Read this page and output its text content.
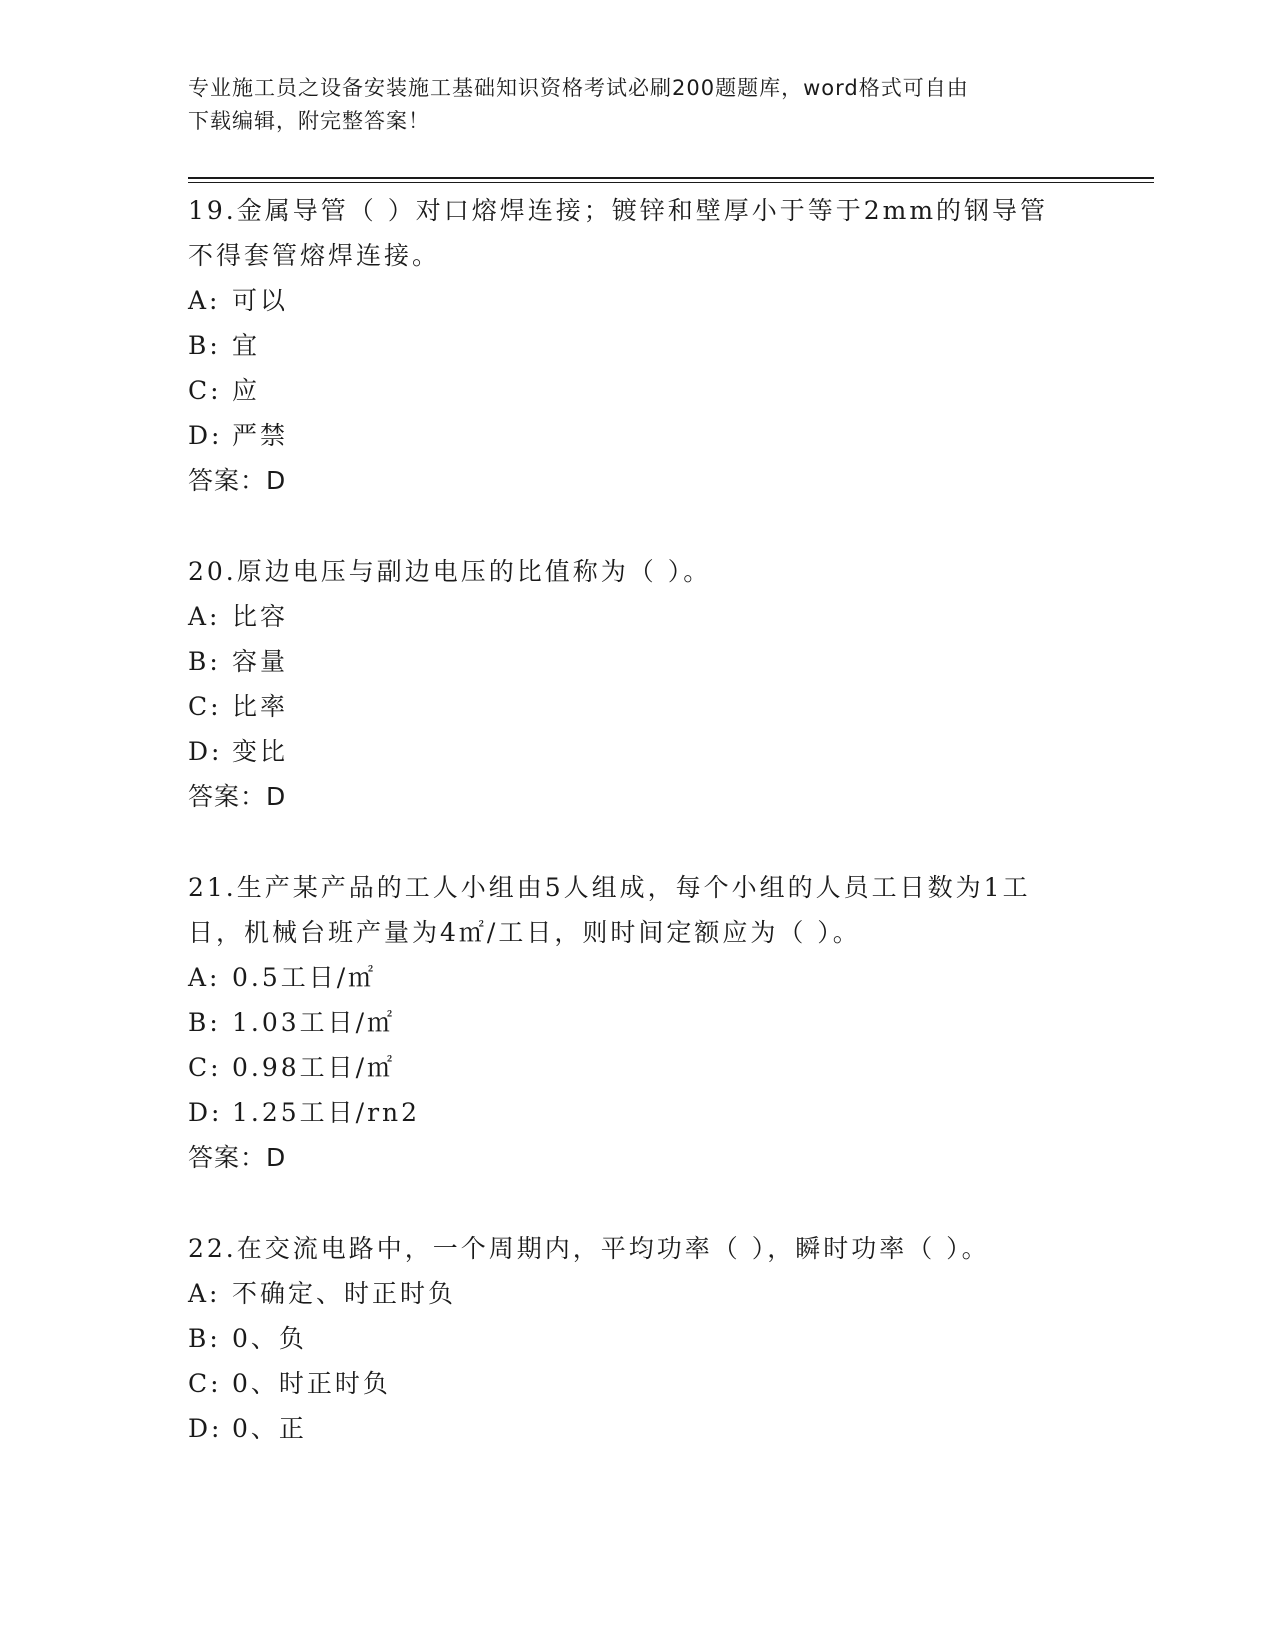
专业施工员之设备安装施工基础知识资格考试必刷200题题库，word格式可自由
下载编辑，附完整答案！

19.金属导管（ ）对口熔焊连接；镀锌和壁厚小于等于2mm的钢导管不得套管熔焊连接。

A: 可以

B: 宜

C: 应

D: 严禁

答案：D

20.原边电压与副边电压的比值称为（ ）。

A: 比容

B: 容量

C: 比率

D: 变比

答案：D

21.生产某产品的工人小组由5人组成，每个小组的人员工日数为1工日，机械台班产量为4㎡/工日，则时间定额应为（ ）。

A: 0.5工日/㎡

B: 1.03工日/㎡

C: 0.98工日/㎡

D: 1.25工日/rn2

答案：D

22.在交流电路中，一个周期内，平均功率（ ），瞬时功率（ ）。

A: 不确定、时正时负

B: 0、负

C: 0、时正时负

D: 0、正
